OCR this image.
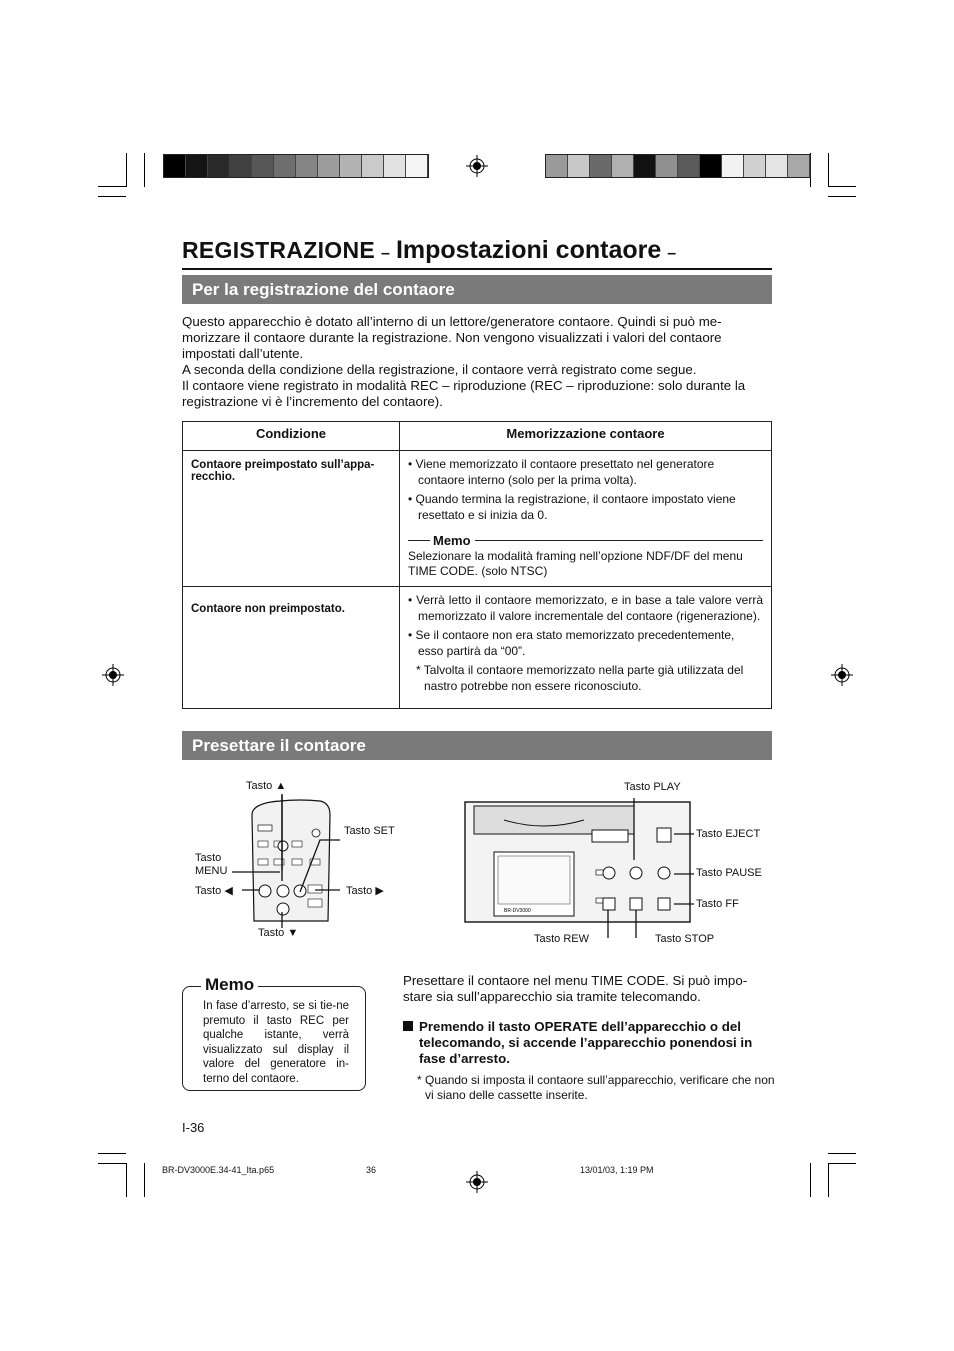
REGISTRAZIONE – Impostazioni contaore –
Per la registrazione del contaore

Questo apparecchio è dotato all’interno di un lettore/generatore contaore. Quindi si può me-morizzare il contaore durante la registrazione. Non vengono visualizzati i valori del contaore impostati dall’utente.

A seconda della condizione della registrazione, il contaore verrà registrato come segue.

Il contaore viene registrato in modalità REC – riproduzione (REC – riproduzione: solo durante la registrazione vi è l’incremento del contaore).

Condizione	Memorizzazione contaore
Contaore preimpostato sull’appa-recchio.	• Viene memorizzato il contaore presettato nel generatore contaore interno (solo per la prima volta).

• Quando termina la registrazione, il contaore impostato viene resettato e si inizia da 0.

Memo
Selezionare la modalità framing nell’opzione NDF/DF del menu TIME CODE. (solo NTSC)

Contaore non preimpostato.	• Verrà letto il contaore memorizzato, e in base a tale valore verrà memorizzato il valore incrementale del contaore (rigenerazione).

• Se il contaore non era stato memorizzato precedentemente, esso partirà da “00”.

* Talvolta il contaore memorizzato nella parte già utilizzata del nastro potrebbe non essere riconosciuto.

Presettare il contaore
Tasto ▲
Tasto SET
Tasto MENU
Tasto ◀	Tasto ▶
Tasto ▼
BR-DV3000
Tasto PLAY
Tasto EJECT
Tasto PAUSE
Tasto FF
Tasto REW	Tasto STOP
Memo
In fase d’arresto, se si tie-ne premuto il tasto REC per qualche istante, verrà visualizzato sul display il valore del generatore in-terno del contaore.

Presettare il contaore nel menu TIME CODE. Si può impo-stare sia sull’apparecchio sia tramite telecomando.

Premendo il tasto OPERATE dell’apparecchio o del telecomando, si accende l’apparecchio ponendosi in fase d’arresto.

* Quando si imposta il contaore sull’apparecchio, verificare che non vi siano delle cassette inserite.

I-36
BR-DV3000E.34-41_Ita.p65	36	13/01/03, 1:19 PM
